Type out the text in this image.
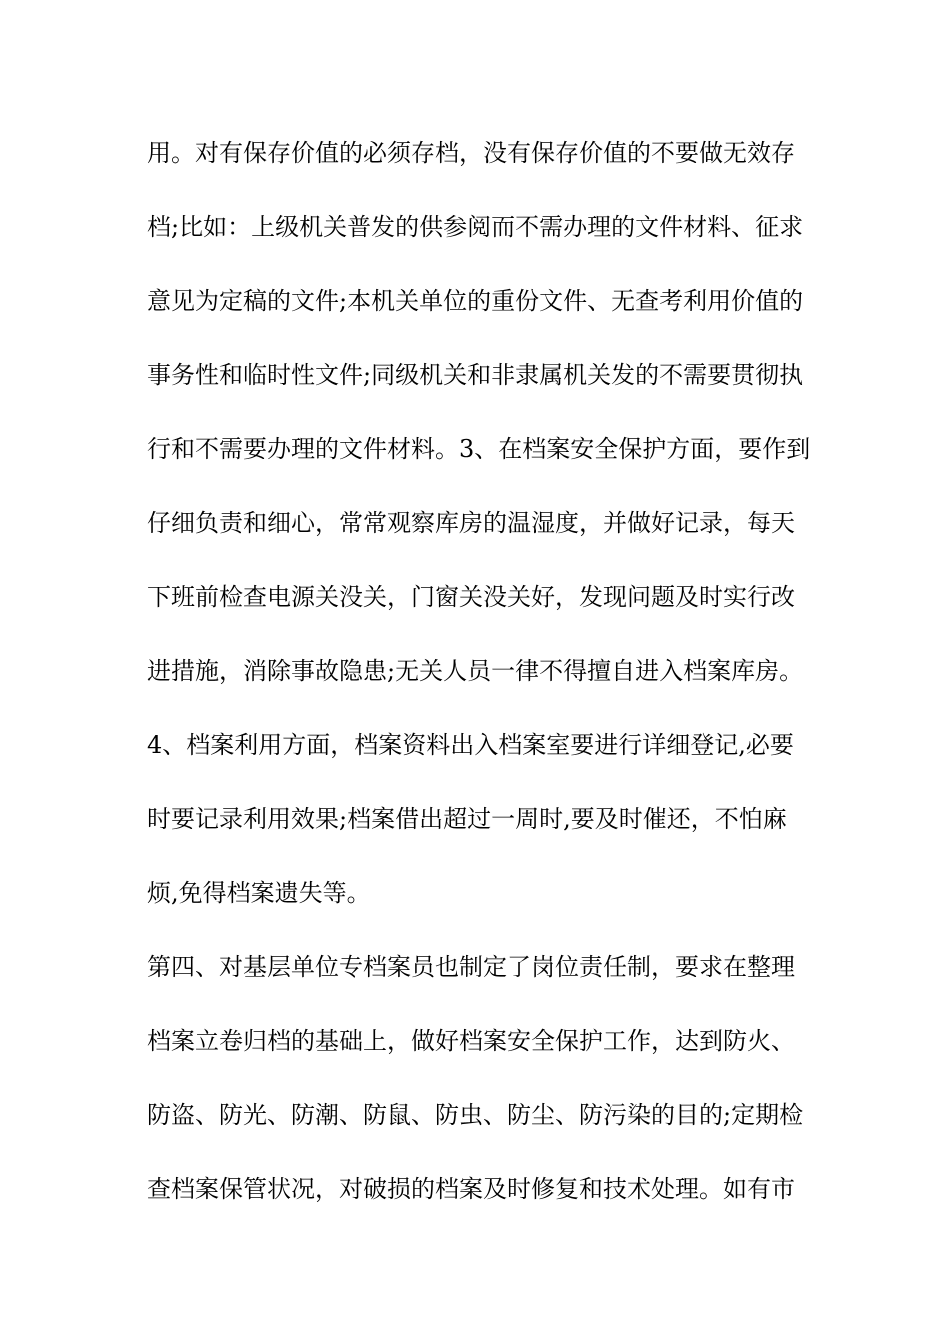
用。对有保存价值的必须存档，没有保存价值的不要做无效存
档;比如：上级机关普发的供参阅而不需办理的文件材料、征求
意见为定稿的文件;本机关单位的重份文件、无查考利用价值的
事务性和临时性文件;同级机关和非隶属机关发的不需要贯彻执
行和不需要办理的文件材料。3、在档案安全保护方面，要作到
仔细负责和细心，常常观察库房的温湿度，并做好记录，每天
下班前检查电源关没关，门窗关没关好，发现问题及时实行改
进措施，消除事故隐患;无关人员一律不得擅自进入档案库房。
4、档案利用方面，档案资料出入档案室要进行详细登记,必要
时要记录利用效果;档案借出超过一周时,要及时催还，不怕麻
烦,免得档案遗失等。
第四、对基层单位专档案员也制定了岗位责任制，要求在整理
档案立卷归档的基础上，做好档案安全保护工作，达到防火、
防盗、防光、防潮、防鼠、防虫、防尘、防污染的目的;定期检
查档案保管状况，对破损的档案及时修复和技术处理。如有市
